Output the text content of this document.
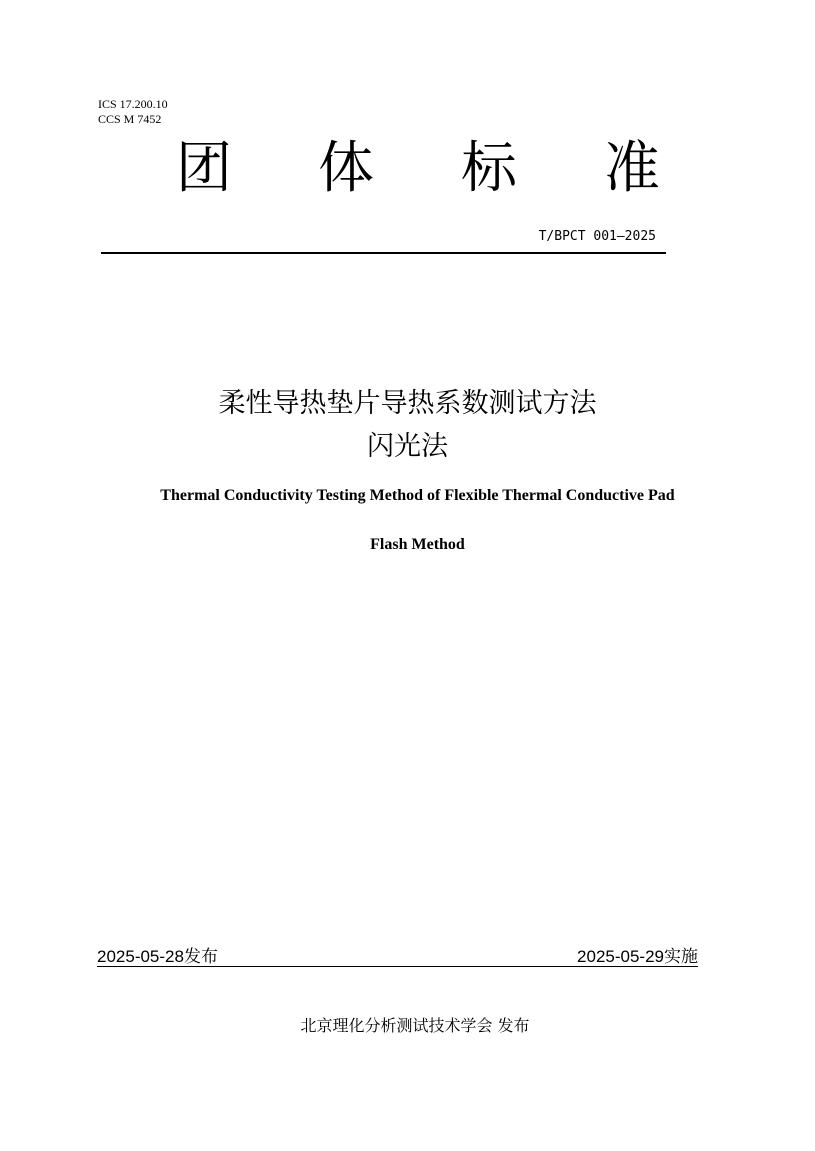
ICS 17.200.10
CCS M 7452
团 体 标 准
T/BPCT 001—2025
柔性导热垫片导热系数测试方法
闪光法
Thermal Conductivity Testing Method of Flexible Thermal Conductive Pad
Flash Method
2025-05-28发布	2025-05-29实施
北京理化分析测试技术学会 发布
